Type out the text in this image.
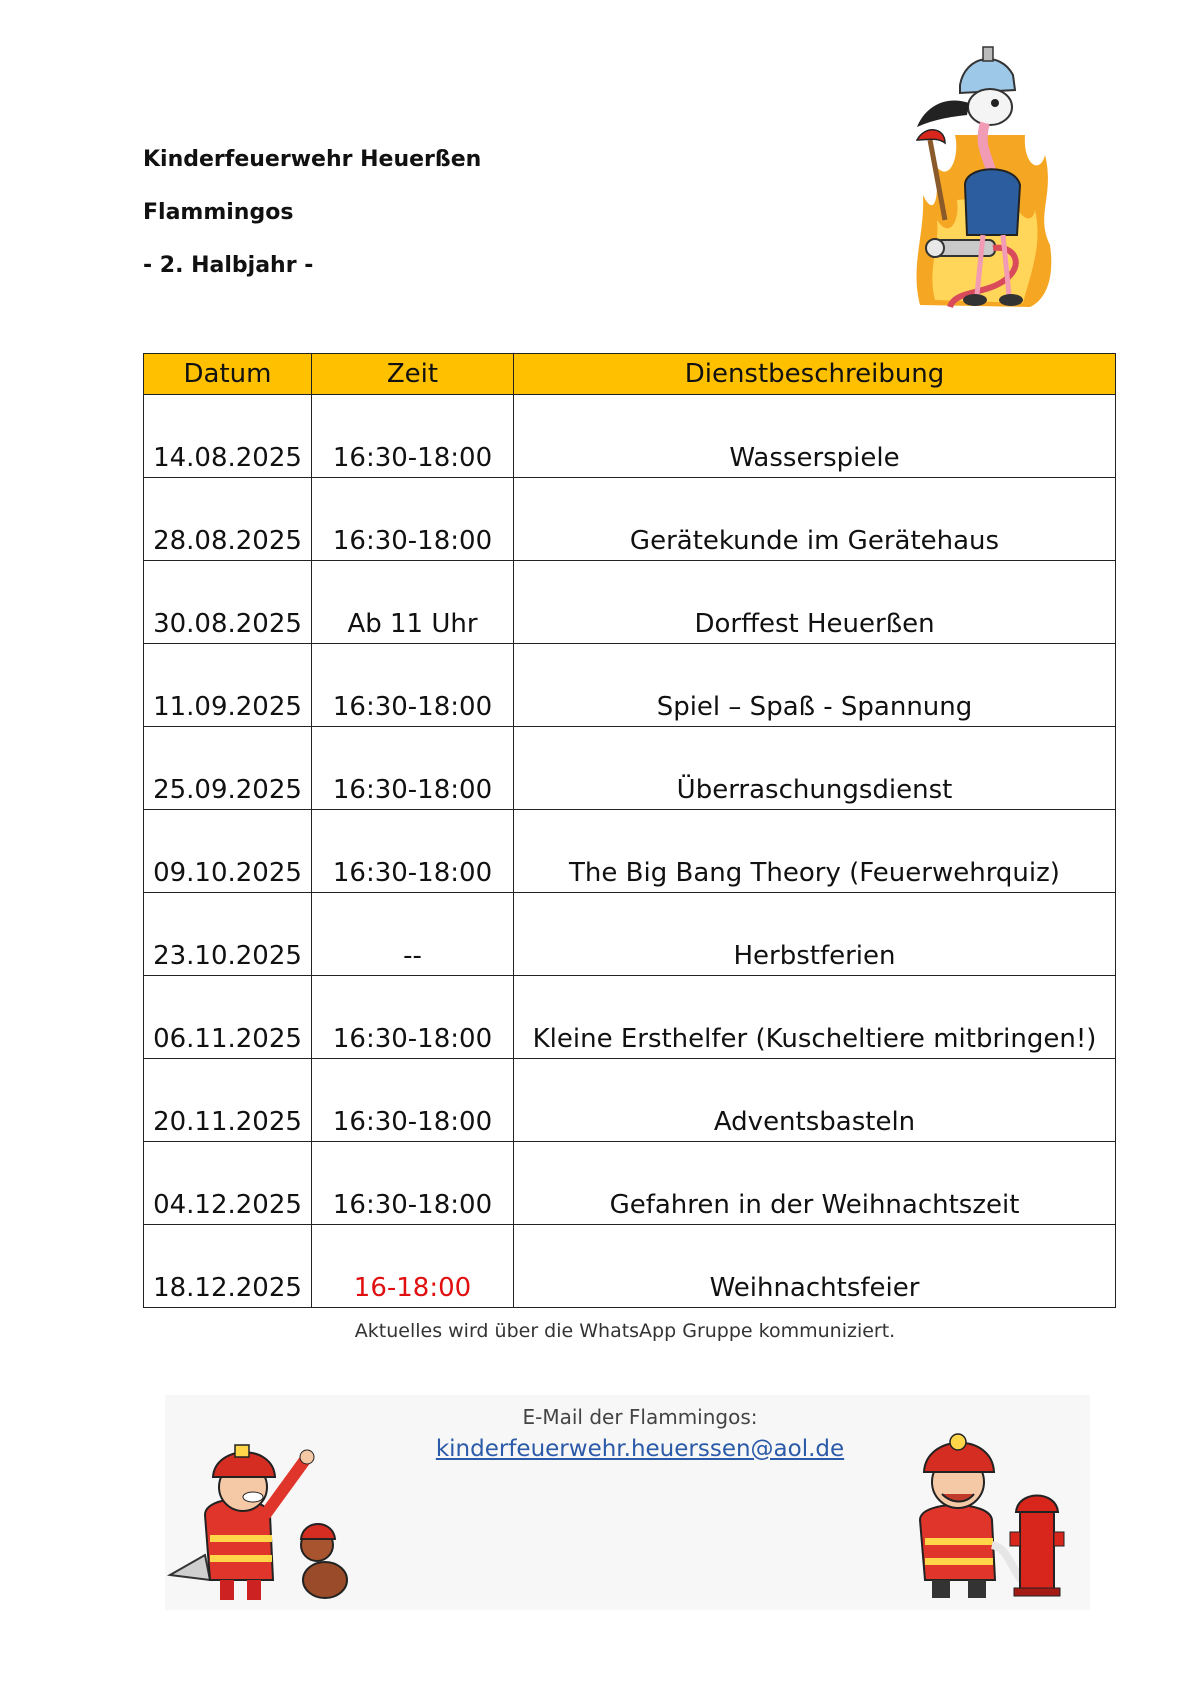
Kinderfeuerwehr Heuerßen
Flammingos
- 2. Halbjahr -
Datum	Zeit	Dienstbeschreibung
14.08.2025	16:30-18:00	Wasserspiele
28.08.2025	16:30-18:00	Gerätekunde im Gerätehaus
30.08.2025	Ab 11 Uhr	Dorffest Heuerßen
11.09.2025	16:30-18:00	Spiel – Spaß - Spannung
25.09.2025	16:30-18:00	Überraschungsdienst
09.10.2025	16:30-18:00	The Big Bang Theory (Feuerwehrquiz)
23.10.2025	--	Herbstferien
06.11.2025	16:30-18:00	Kleine Ersthelfer (Kuscheltiere mitbringen!)
20.11.2025	16:30-18:00	Adventsbasteln
04.12.2025	16:30-18:00	Gefahren in der Weihnachtszeit
18.12.2025	16-18:00	Weihnachtsfeier
Aktuelles wird über die WhatsApp Gruppe kommuniziert.
E-Mail der Flammingos:
kinderfeuerwehr.heuerssen@aol.de
